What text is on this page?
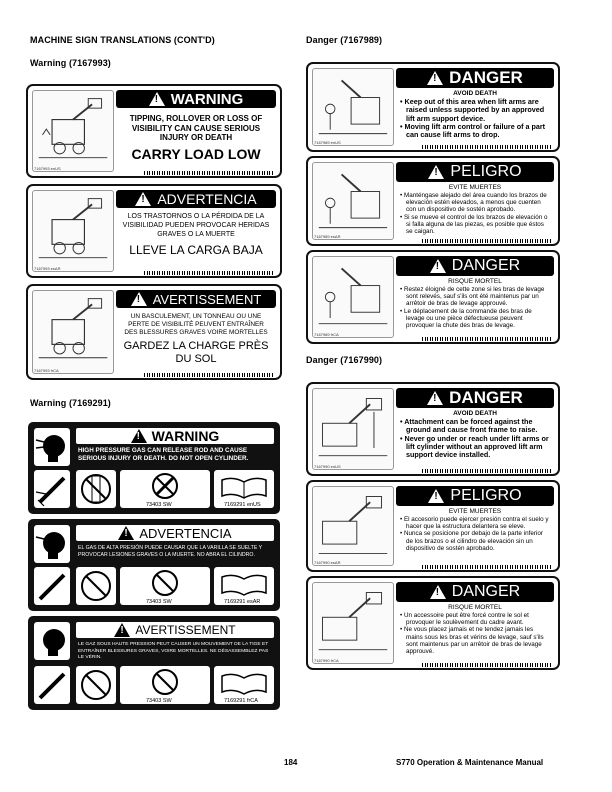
MACHINE SIGN TRANSLATIONS (CONT'D)
Warning (7167993)
Warning (7169291)
Danger (7167989)
Danger (7167990)
!
WARNING
TIPPING, ROLLOVER OR LOSS OF VISIBILITY CAN CAUSE SERIOUS INJURY OR DEATH
CARRY LOAD LOW
7167993 enUS
!
ADVERTENCIA
LOS TRASTORNOS O LA PÉRDIDA DE LA VISIBILIDAD PUEDEN PROVOCAR HERIDAS GRAVES O LA MUERTE
LLEVE LA CARGA BAJA
7167993 esAR
!
AVERTISSEMENT
UN BASCULEMENT, UN TONNEAU OU UNE PERTE DE VISIBILITÉ PEUVENT ENTRAÎNER DES BLESSURES GRAVES VOIRE MORTELLES
GARDEZ LA CHARGE PRÈS DU SOL
7167993 frCA
!
WARNING
HIGH PRESSURE GAS CAN RELEASE ROD AND CAUSE SERIOUS INJURY OR DEATH. DO NOT OPEN CYLINDER.
73403 SW	7169291 enUS
!
ADVERTENCIA
EL GAS DE ALTA PRESIÓN PUEDE CAUSAR QUE LA VARILLA SE SUELTE Y PROVOCAR LESIONES GRAVES O LA MUERTE. NO ABRA EL CILINDRO.
73403 SW	7169291 esAR
!
AVERTISSEMENT
LE GAZ SOUS HAUTE PRESSION PEUT CAUSER UN MOUVEMENT DE LA TIGE ET ENTRAÎNER BLESSURES GRAVES, VOIRE MORTELLES. NE DÉSASSEMBLEZ PAS LE VÉRIN.
73403 SW	7169291 frCA
!
DANGER
AVOID DEATH
• Keep out of this area when lift arms are raised unless supported by an approved lift arm support device.
• Moving lift arm control or failure of a part can cause lift arms to drop.
7167989 enUS
!
PELIGRO
EVITE MUERTES
• Manténgase alejado del área cuando los brazos de elevación estén elevados, a menos que cuenten con un dispositivo de sostén aprobado.
• Si se mueve el control de los brazos de elevación o si falla alguna de las piezas, es posible que éstos se caigan.
7167989 esAR
!
DANGER
RISQUE MORTEL
• Restez éloigné de cette zone si les bras de levage sont relevés, sauf s'ils ont été maintenus par un arrêtoir de bras de levage approuvé.
• Le déplacement de la commande des bras de levage ou une pièce défectueuse peuvent provoquer la chute des bras de levage.
7167989 frCA
!
DANGER
AVOID DEATH
• Attachment can be forced against the ground and cause front frame to raise.
• Never go under or reach under lift arms or lift cylinder without an approved lift arm support device installed.
7167990 enUS
!
PELIGRO
EVITE MUERTES
• El accesorio puede ejercer presión contra el suelo y hacer que la estructura delantera se eleve.
• Nunca se posicione por debajo de la parte inferior de los brazos o el cilindro de elevación sin un dispositivo de sostén aprobado.
7167990 esAR
!
DANGER
RISQUE MORTEL
• Un accessoire peut être forcé contre le sol et provoquer le soulèvement du cadre avant.
• Ne vous placez jamais et ne tendez jamais les mains sous les bras et vérins de levage, sauf s'ils sont maintenus par un arrêtoir de bras de levage approuvé.
7167990 frCA
184	S770 Operation & Maintenance Manual
